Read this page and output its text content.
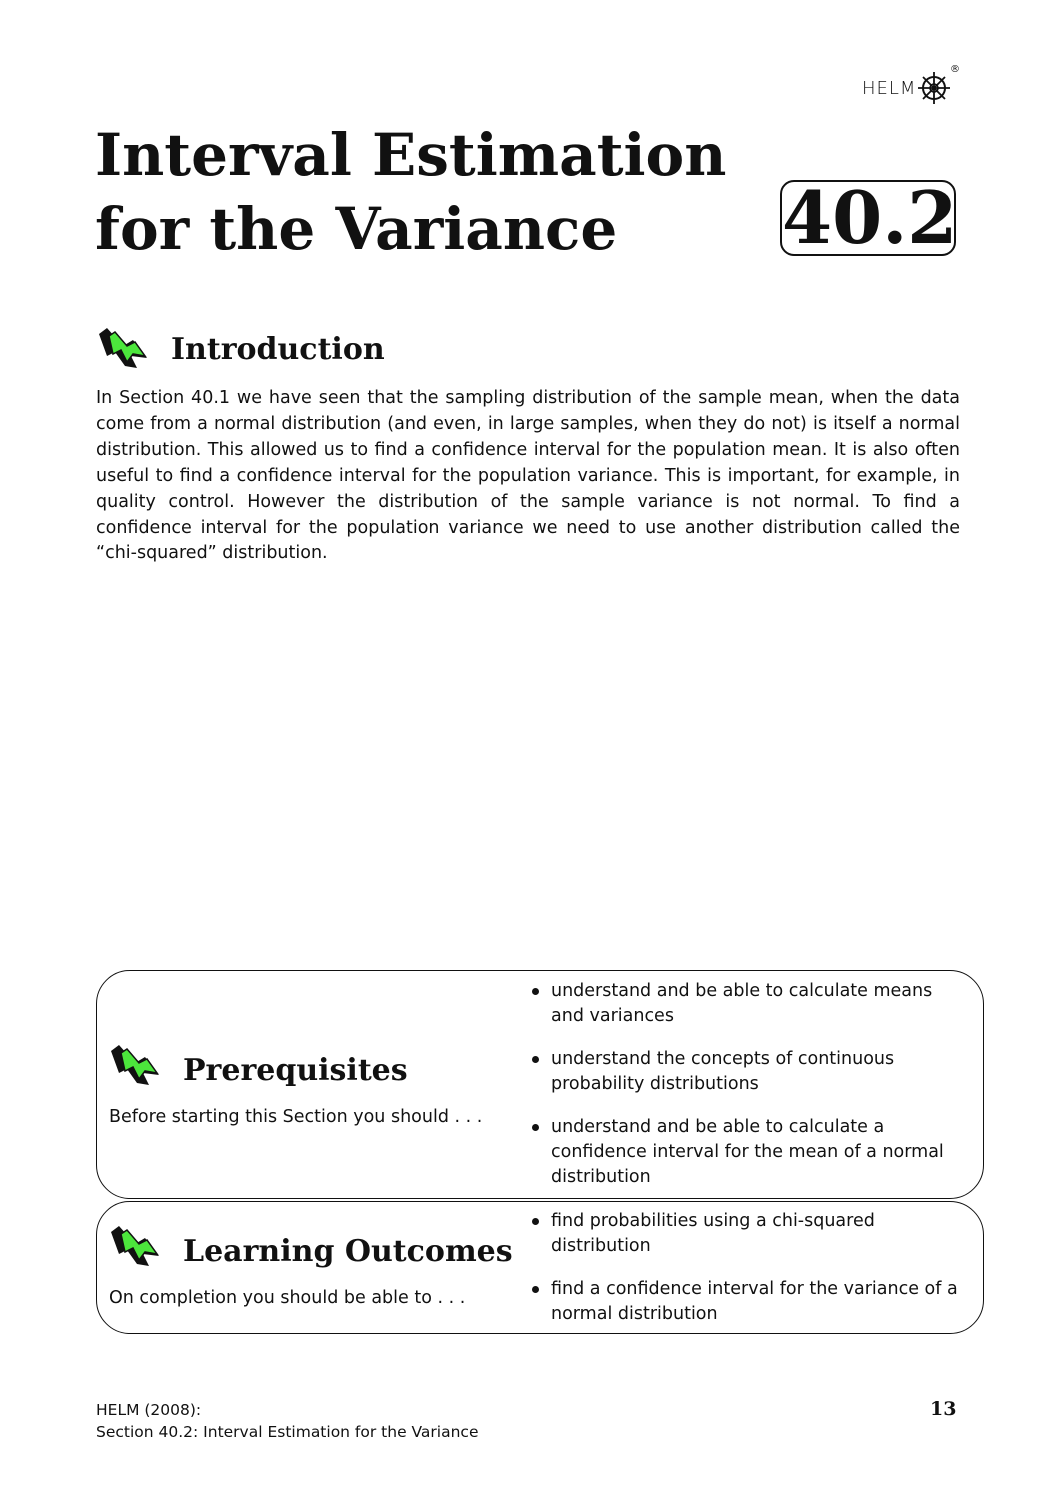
HELM
®
Interval Estimation
for the Variance	40.2
Introduction

In Section 40.1 we have seen that the sampling distribution of the sample mean, when the data come from a normal distribution (and even, in large samples, when they do not) is itself a normal distribution. This allowed us to find a confidence interval for the population mean. It is also often useful to find a confidence interval for the population variance. This is important, for example, in quality control. However the distribution of the sample variance is not normal. To find a confidence interval for the population variance we need to use another distribution called the “chi-squared” distribution.

Prerequisites

Before starting this Section you should . . .

understand and be able to calculate means and variances
understand the concepts of continuous probability distributions
understand and be able to calculate a confidence interval for the mean of a normal distribution
Learning Outcomes

On completion you should be able to . . .

find probabilities using a chi-squared distribution
find a confidence interval for the variance of a normal distribution
HELM (2008):
Section 40.2: Interval Estimation for the Variance
13
